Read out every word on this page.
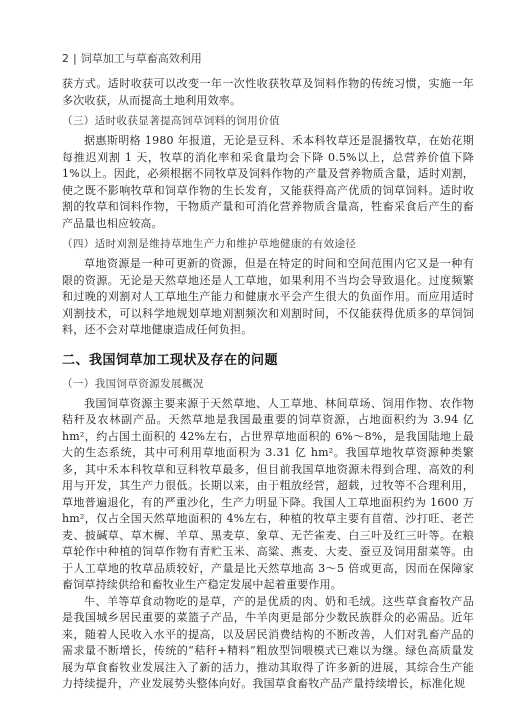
2 | 饲草加工与草畜高效利用

获方式。适时收获可以改变一年一次性收获牧草及饲料作物的传统习惯，实施一年多次收获，从而提高土地利用效率。

（三）适时收获显著提高饲草饲料的饲用价值

据惠斯明格 1980 年报道，无论是豆科、禾本科牧草还是混播牧草，在始花期每推迟刈割 1 天，牧草的消化率和采食量均会下降 0.5%以上，总营养价值下降 1%以上。因此，必须根据不同牧草及饲料作物的产量及营养物质含量，适时刈割，使之既不影响牧草和饲草作物的生长发育，又能获得高产优质的饲草饲料。适时收割的牧草和饲料作物，干物质产量和可消化营养物质含量高，牲畜采食后产生的畜产品量也相应较高。

（四）适时刈割是维持草地生产力和维护草地健康的有效途径

草地资源是一种可更新的资源，但是在特定的时间和空间范围内它又是一种有限的资源。无论是天然草地还是人工草地，如果利用不当均会导致退化。过度频繁和过晚的刈割对人工草地生产能力和健康水平会产生很大的负面作用。而应用适时刈割技术，可以科学地规划草地刈割频次和刈割时间，不仅能获得优质多的草饲饲料，还不会对草地健康造成任何负担。

二、我国饲草加工现状及存在的问题
（一）我国饲草资源发展概况

我国饲草资源主要来源于天然草地、人工草地、林间草场、饲用作物、农作物秸秆及农林副产品。天然草地是我国最重要的饲草资源，占地面积约为 3.94 亿 hm²，约占国土面积的 42%左右，占世界草地面积的 6%～8%，是我国陆地上最大的生态系统，其中可利用草地面积为 3.31 亿 hm²。我国草地牧草资源种类繁多，其中禾本科牧草和豆科牧草最多，但目前我国草地资源未得到合理、高效的利用与开发，其生产力很低。长期以来，由于粗放经营，超载，过牧等不合理利用，草地普遍退化，有的严重沙化，生产力明显下降。我国人工草地面积约为 1600 万 hm²，仅占全国天然草地面积的 4%左右，种植的牧草主要有苜蓿、沙打旺、老芒麦、披碱草、草木樨、羊草、黑麦草、象草、无芒雀麦、白三叶及红三叶等。在粮草轮作中种植的饲草作物有青贮玉米、高粱、燕麦、大麦、蚕豆及饲用甜菜等。由于人工草地的牧草品质较好，产量是比天然草地高 3～5 倍或更高，因而在保障家畜饲草持续供给和畜牧业生产稳定发展中起着重要作用。

牛、羊等草食动物吃的是草，产的是优质的肉、奶和毛绒。这些草食畜牧产品是我国城乡居民重要的菜篮子产品，牛羊肉更是部分少数民族群众的必需品。近年来，随着人民收入水平的提高，以及居民消费结构的不断改善，人们对乳畜产品的需求量不断增长，传统的“秸秆+精料”粗放型饲喂模式已难以为继。绿色高质量发展为草食畜牧业发展注入了新的活力，推动其取得了许多新的进展，其综合生产能力持续提升，产业发展势头整体向好。我国草食畜牧产品产量持续增长，标准化规
